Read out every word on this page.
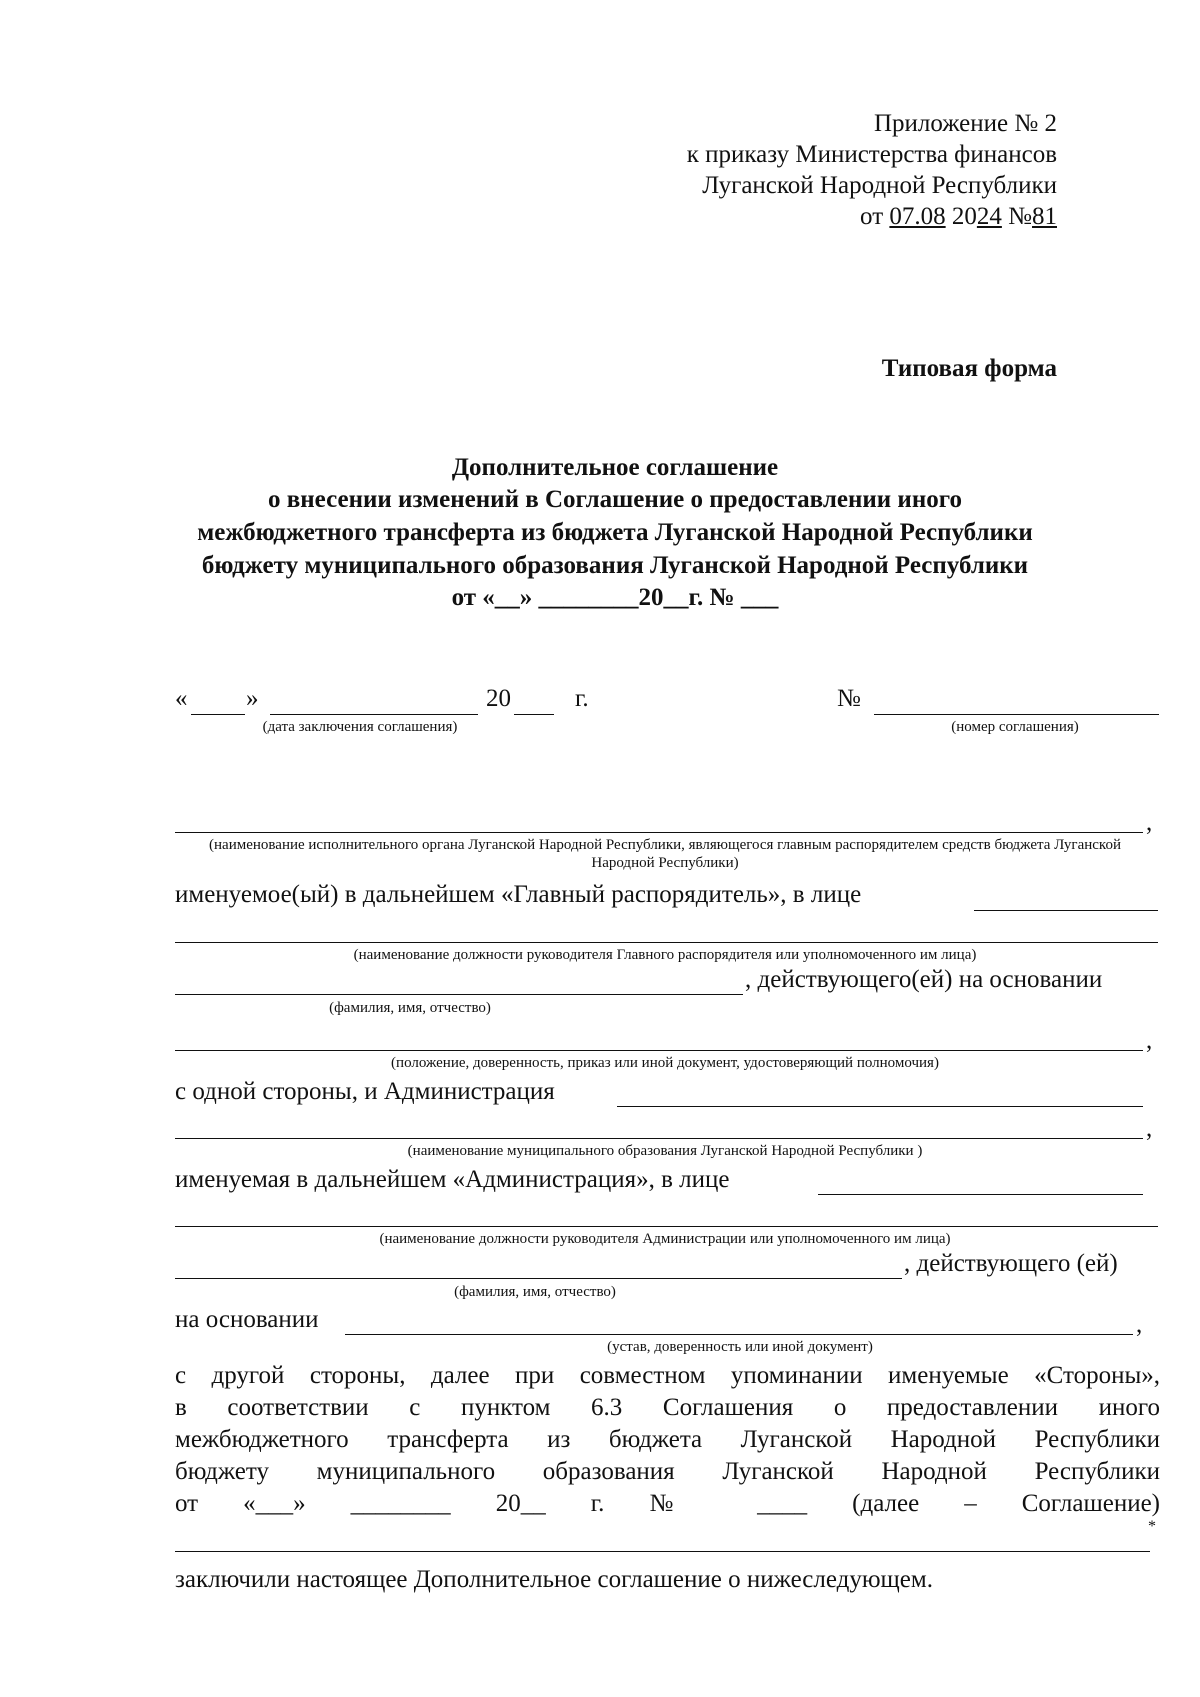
Приложение № 2
к приказу Министерства финансов
Луганской Народной Республики
от 07.08 2024 №81
Типовая форма
Дополнительное соглашение
о внесении изменений в Соглашение о предоставлении иного
межбюджетного трансферта из бюджета Луганской Народной Республики
бюджету муниципального образования Луганской Народной Республики
от «__» ________20__г. № ___
« »	20	г.
(дата заключения соглашения)
№
(номер соглашения)
,
(наименование исполнительного органа Луганской Народной Республики, являющегося главным распорядителем средств бюджета Луганской Народной Республики)
именуемое(ый) в дальнейшем «Главный распорядитель», в лице
(наименование должности руководителя Главного распорядителя или уполномоченного им лица)
, действующего(ей) на основании
(фамилия, имя, отчество)
,
(положение, доверенность, приказ или иной документ, удостоверяющий полномочия)
с одной стороны, и Администрация
,
(наименование муниципального образования Луганской Народной Республики )
именуемая в дальнейшем «Администрация», в лице
(наименование должности руководителя Администрации или уполномоченного им лица)
, действующего (ей)
(фамилия, имя, отчество)
на основании	,
(устав, доверенность или иной документ)
с другой стороны, далее при совместном упоминании именуемые «Стороны»,
в соответствии с пунктом 6.3 Соглашения о предоставлении иного
межбюджетного трансферта из бюджета Луганской Народной Республики
бюджету муниципального образования Луганской Народной Республики
от «___» ________ 20__ г. № ____ (далее – Соглашение)
*
заключили настоящее Дополнительное соглашение о нижеследующем.
